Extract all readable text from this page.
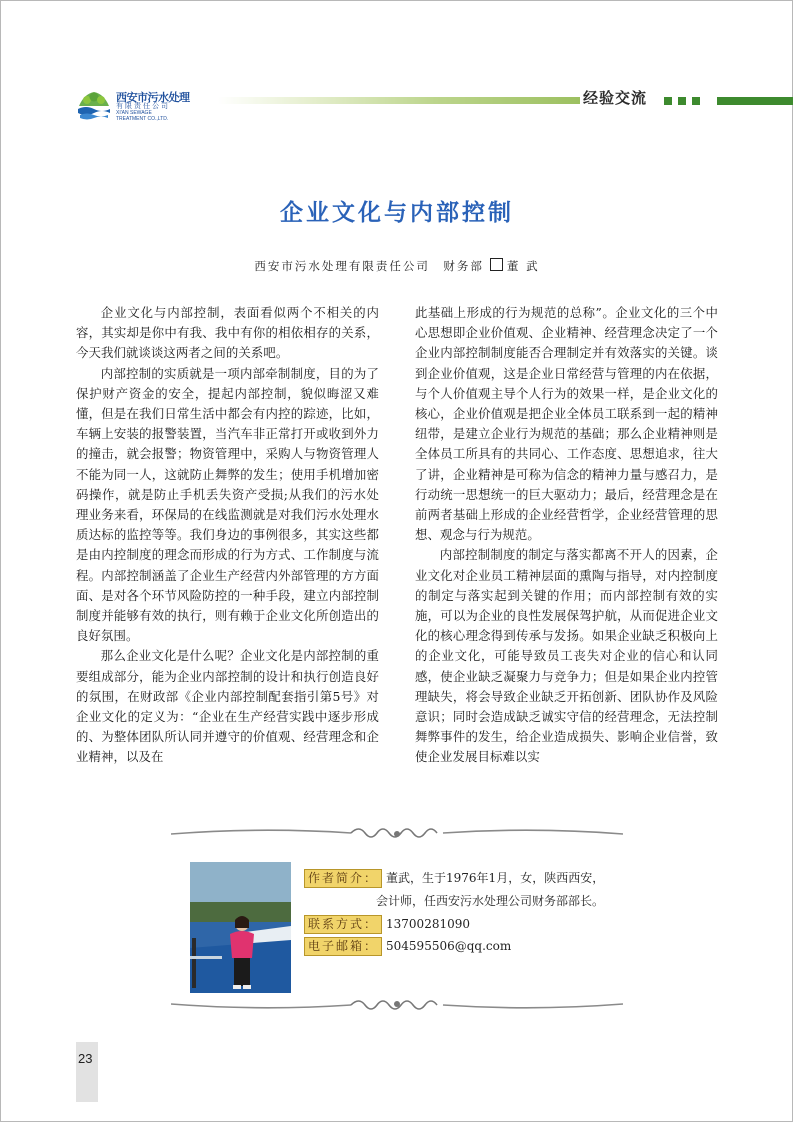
西安市污水处理
有限责任公司
XI'AN SEWAGE
TREATMENT CO.,LTD.
经验交流
企业文化与内部控制
西安市污水处理有限责任公司　财务部 董 武

企业文化与内部控制，表面看似两个不相关的内容，其实却是你中有我、我中有你的相依相存的关系，今天我们就谈谈这两者之间的关系吧。

内部控制的实质就是一项内部牵制制度，目的为了保护财产资金的安全，提起内部控制，貌似晦涩又难懂，但是在我们日常生活中都会有内控的踪迹，比如，车辆上安装的报警装置，当汽车非正常打开或收到外力的撞击，就会报警；物资管理中，采购人与物资管理人不能为同一人，这就防止舞弊的发生；使用手机增加密码操作，就是防止手机丢失资产受损;从我们的污水处理业务来看，环保局的在线监测就是对我们污水处理水质达标的监控等等。我们身边的事例很多，其实这些都是由内控制度的理念而形成的行为方式、工作制度与流程。内部控制涵盖了企业生产经营内外部管理的方方面面、是对各个环节风险防控的一种手段，建立内部控制制度并能够有效的执行，则有赖于企业文化所创造出的良好氛围。

那么企业文化是什么呢？企业文化是内部控制的重要组成部分，能为企业内部控制的设计和执行创造良好的氛围，在财政部《企业内部控制配套指引第5号》对企业文化的定义为：“企业在生产经营实践中逐步形成的、为整体团队所认同并遵守的价值观、经营理念和企业精神，以及在

此基础上形成的行为规范的总称”。企业文化的三个中心思想即企业价值观、企业精神、经营理念决定了一个企业内部控制制度能否合理制定并有效落实的关键。谈到企业价值观，这是企业日常经营与管理的内在依据，与个人价值观主导个人行为的效果一样，是企业文化的核心，企业价值观是把企业全体员工联系到一起的精神纽带，是建立企业行为规范的基础；那么企业精神则是全体员工所具有的共同心、工作态度、思想追求，往大了讲，企业精神是可称为信念的精神力量与感召力，是行动统一思想统一的巨大驱动力；最后，经营理念是在前两者基础上形成的企业经营哲学，企业经营管理的思想、观念与行为规范。

内部控制制度的制定与落实都离不开人的因素，企业文化对企业员工精神层面的熏陶与指导，对内控制度的制定与落实起到关键的作用；而内部控制有效的实施，可以为企业的良性发展保驾护航，从而促进企业文化的核心理念得到传承与发扬。如果企业缺乏积极向上的企业文化，可能导致员工丧失对企业的信心和认同感，使企业缺乏凝聚力与竞争力；但是如果企业内控管理缺失，将会导致企业缺乏开拓创新、团队协作及风险意识；同时会造成缺乏诚实守信的经营理念，无法控制舞弊事件的发生，给企业造成损失、影响企业信誉，致使企业发展目标难以实

作者简介： 董武，生于1976年1月，女，陕西西安，
会计师，任西安污水处理公司财务部部长。
联系方式： 13700281090
电子邮箱： 504595506@qq.com
23
